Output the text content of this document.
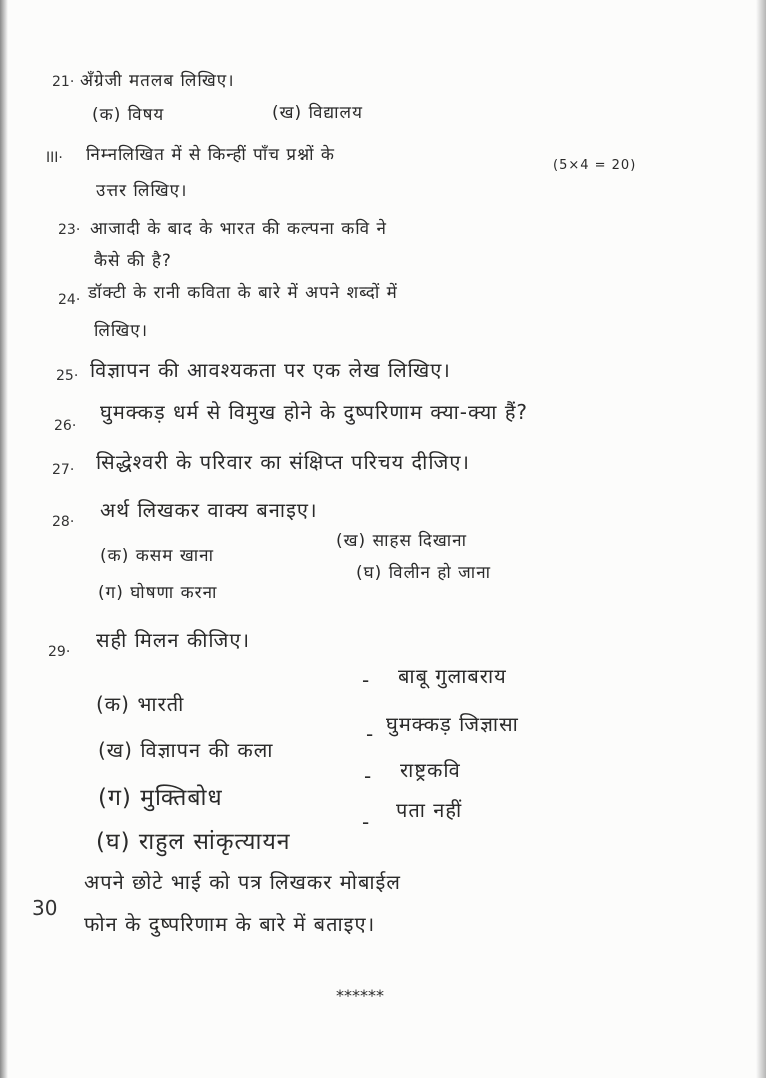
21· अँग्रेजी मतलब लिखिए।
(क) विषय	(ख) विद्यालय
III· निम्नलिखित में से किन्हीं पाँच प्रश्नों के
(5×4 = 20)
उत्तर लिखिए।
23· आजादी के बाद के भारत की कल्पना कवि ने
कैसे की है?
24· डॉक्टी के रानी कविता के बारे में अपने शब्दों में
लिखिए।
25· विज्ञापन की आवश्यकता पर एक लेख लिखिए।
26·
घुमक्कड़ धर्म से विमुख होने के दुष्परिणाम क्या-क्या हैं?
27· सिद्धेश्वरी के परिवार का संक्षिप्त परिचय दीजिए।
28· अर्थ लिखकर वाक्य बनाइए।
(क) कसम खाना
(ख) साहस दिखाना
(ग) घोषणा करना
(घ) विलीन हो जाना
29· सही मिलन कीजिए।
(क) भारती
- बाबू गुलाबराय
(ख) विज्ञापन की कला
- घुमक्कड़ जिज्ञासा
(ग) मुक्तिबोध
- राष्ट्रकवि
(घ) राहुल सांकृत्यायन
- पता नहीं
30
अपने छोटे भाई को पत्र लिखकर मोबाईल
फोन के दुष्परिणाम के बारे में बताइए।
******
